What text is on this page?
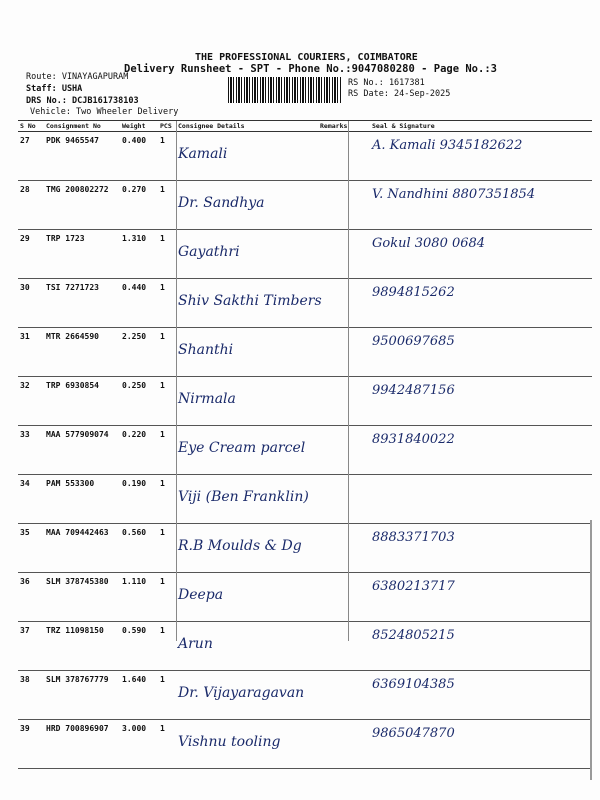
THE PROFESSIONAL COURIERS, COIMBATORE
Delivery Runsheet - SPT - Phone No.:9047080280 - Page No.:3
Route: VINAYAGAPURAM
Staff: USHA
DRS No.: DCJB161738103
Vehicle: Two Wheeler Delivery
RS No.: 1617381
RS Date: 24-Sep-2025
S No	Consignment No	Weight	PCS	Consignee Details	Remarks	Seal & Signature
27	PDK 9465547	0.400	1	Kamali		A. Kamali 9345182622
28	TMG 200802272	0.270	1	Dr. Sandhya		V. Nandhini 8807351854
29	TRP 1723	1.310	1	Gayathri		Gokul 3080 0684
30	TSI 7271723	0.440	1	Shiv Sakthi Timbers		9894815262
31	MTR 2664590	2.250	1	Shanthi		9500697685
32	TRP 6930854	0.250	1	Nirmala		9942487156
33	MAA 577909074	0.220	1	Eye Cream parcel		8931840022
34	PAM 553300	0.190	1	Viji (Ben Franklin)		
35	MAA 709442463	0.560	1	R.B Moulds & Dg		8883371703
36	SLM 378745380	1.110	1	Deepa		6380213717
37	TRZ 11098150	0.590	1	Arun		8524805215
38	SLM 378767779	1.640	1	Dr. Vijayaragavan		6369104385
39	HRD 700896907	3.000	1	Vishnu tooling		9865047870
